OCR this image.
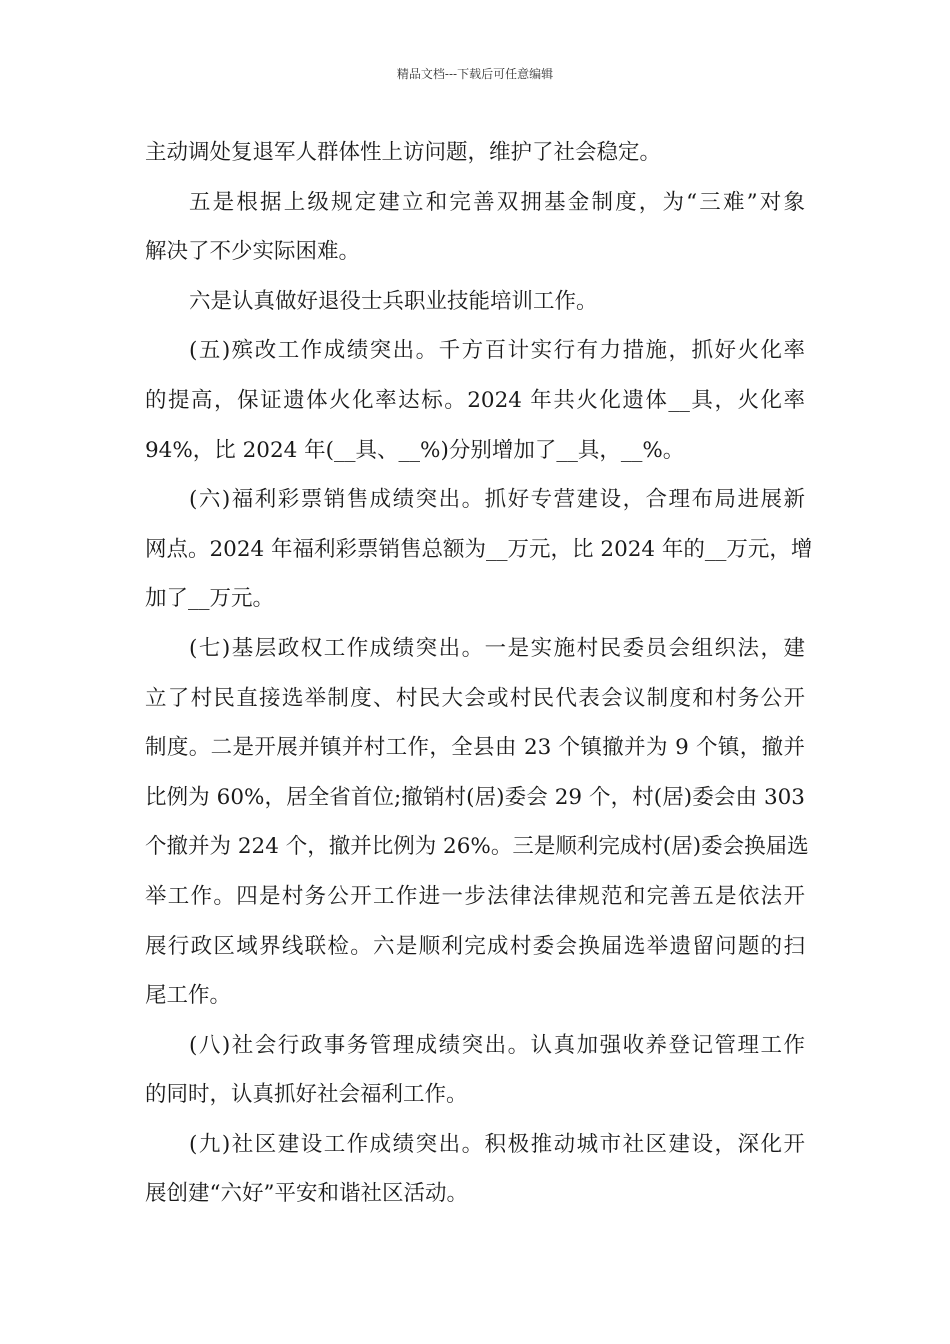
精品文档---下载后可任意编辑
主动调处复退军人群体性上访问题，维护了社会稳定。
五是根据上级规定建立和完善双拥基金制度，为“三难”对象
解决了不少实际困难。
六是认真做好退役士兵职业技能培训工作。
(五)殡改工作成绩突出。千方百计实行有力措施，抓好火化率
的提高，保证遗体火化率达标。2024 年共火化遗体__具，火化率
94%，比 2024 年(__具、__%)分别增加了__具，__%。
(六)福利彩票销售成绩突出。抓好专营建设，合理布局进展新
网点。2024 年福利彩票销售总额为__万元，比 2024 年的__万元，增
加了__万元。
(七)基层政权工作成绩突出。一是实施村民委员会组织法，建
立了村民直接选举制度、村民大会或村民代表会议制度和村务公开
制度。二是开展并镇并村工作，全县由 23 个镇撤并为 9 个镇，撤并
比例为 60%，居全省首位;撤销村(居)委会 29 个，村(居)委会由 303
个撤并为 224 个，撤并比例为 26%。三是顺利完成村(居)委会换届选
举工作。四是村务公开工作进一步法律法律规范和完善五是依法开
展行政区域界线联检。六是顺利完成村委会换届选举遗留问题的扫
尾工作。
(八)社会行政事务管理成绩突出。认真加强收养登记管理工作
的同时，认真抓好社会福利工作。
(九)社区建设工作成绩突出。积极推动城市社区建设，深化开
展创建“六好”平安和谐社区活动。
